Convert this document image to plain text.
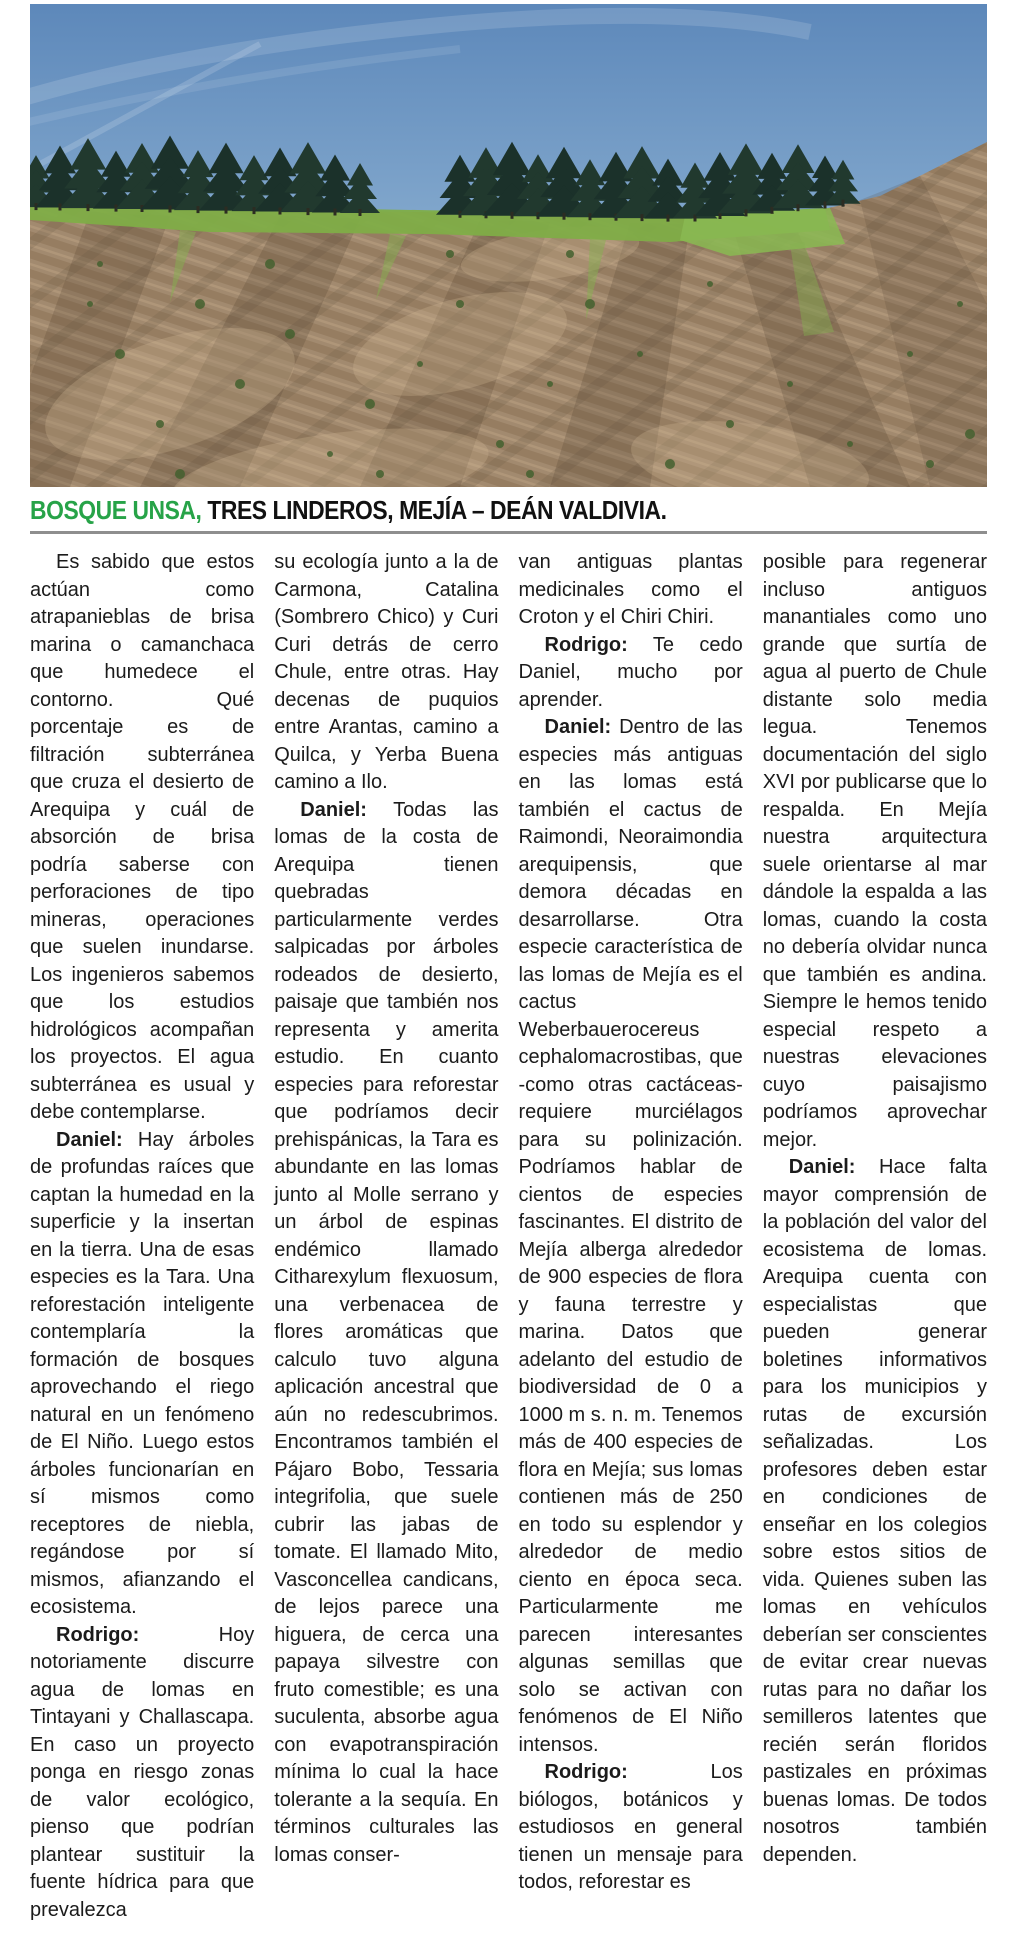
BOSQUE UNSA, TRES LINDEROS, MEJÍA – DEÁN VALDIVIA.

Es sabido que estos actúan como atrapanieblas de brisa marina o camanchaca que humedece el contorno. Qué porcentaje es de filtración subterránea que cruza el desierto de Arequipa y cuál de absorción de brisa podría saberse con perforaciones de tipo mineras, operaciones que suelen inundarse. Los ingenieros sabemos que los estudios hidrológicos acompañan los proyectos. El agua subterránea es usual y debe contemplarse.

Daniel: Hay árboles de profundas raíces que captan la humedad en la superficie y la insertan en la tierra. Una de esas especies es la Tara. Una reforestación inteligente contemplaría la formación de bosques aprovechando el riego natural en un fenómeno de El Niño. Luego estos árboles funcionarían en sí mismos como receptores de niebla, regándose por sí mismos, afianzando el ecosistema.

Rodrigo: Hoy notoriamente discurre agua de lomas en Tintayani y Challascapa. En caso un proyecto ponga en riesgo zonas de valor ecológico, pienso que podrían plantear sustituir la fuente hídrica para que prevalezca

su ecología junto a la de Carmona, Catalina (Sombrero Chico) y Curi Curi detrás de cerro Chule, entre otras. Hay decenas de puquios entre Arantas, camino a Quilca, y Yerba Buena camino a Ilo.

Daniel: Todas las lomas de la costa de Arequipa tienen quebradas particularmente verdes salpicadas por árboles rodeados de desierto, paisaje que también nos representa y amerita estudio. En cuanto especies para reforestar que podríamos decir prehispánicas, la Tara es abundante en las lomas junto al Molle serrano y un árbol de espinas endémico llamado Citharexylum flexuosum, una verbenacea de flores aromáticas que calculo tuvo alguna aplicación ancestral que aún no redescubrimos. Encontramos también el Pájaro Bobo, Tessaria integrifolia, que suele cubrir las jabas de tomate. El llamado Mito, Vasconcellea candicans, de lejos parece una higuera, de cerca una papaya silvestre con fruto comestible; es una suculenta, absorbe agua con evapotranspiración mínima lo cual la hace tolerante a la sequía. En términos culturales las lomas conser-

van antiguas plantas medicinales como el Croton y el Chiri Chiri.

Rodrigo: Te cedo Daniel, mucho por aprender.

Daniel: Dentro de las especies más antiguas en las lomas está también el cactus de Raimondi, Neoraimondia arequipensis, que demora décadas en desarrollarse. Otra especie característica de las lomas de Mejía es el cactus Weberbauerocereus cephalomacrostibas, que -como otras cactáceas- requiere murciélagos para su polinización. Podríamos hablar de cientos de especies fascinantes. El distrito de Mejía alberga alrededor de 900 especies de flora y fauna terrestre y marina. Datos que adelanto del estudio de biodiversidad de 0 a 1000 m s. n. m. Tenemos más de 400 especies de flora en Mejía; sus lomas contienen más de 250 en todo su esplendor y alrededor de medio ciento en época seca. Particularmente me parecen interesantes algunas semillas que solo se activan con fenómenos de El Niño intensos.

Rodrigo: Los biólogos, botánicos y estudiosos en general tienen un mensaje para todos, reforestar es

posible para regenerar incluso antiguos manantiales como uno grande que surtía de agua al puerto de Chule distante solo media legua. Tenemos documentación del siglo XVI por publicarse que lo respalda. En Mejía nuestra arquitectura suele orientarse al mar dándole la espalda a las lomas, cuando la costa no debería olvidar nunca que también es andina. Siempre le hemos tenido especial respeto a nuestras elevaciones cuyo paisajismo podríamos aprovechar mejor.

Daniel: Hace falta mayor comprensión de la población del valor del ecosistema de lomas. Arequipa cuenta con especialistas que pueden generar boletines informativos para los municipios y rutas de excursión señalizadas. Los profesores deben estar en condiciones de enseñar en los colegios sobre estos sitios de vida. Quienes suben las lomas en vehículos deberían ser conscientes de evitar crear nuevas rutas para no dañar los semilleros latentes que recién serán floridos pastizales en próximas buenas lomas. De todos nosotros también dependen.
